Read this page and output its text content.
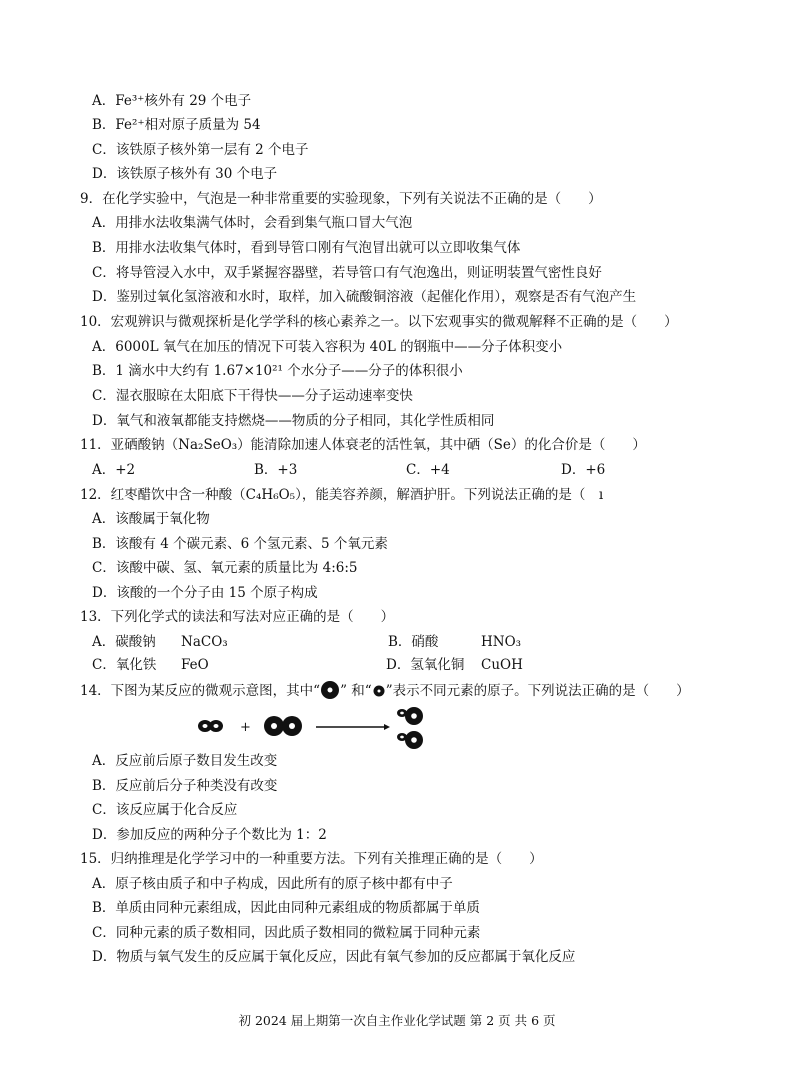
A．Fe³⁺核外有 29 个电子
B．Fe²⁺相对原子质量为 54
C．该铁原子核外第一层有 2 个电子
D．该铁原子核外有 30 个电子
9．在化学实验中，气泡是一种非常重要的实验现象，下列有关说法不正确的是（　　）
A．用排水法收集满气体时，会看到集气瓶口冒大气泡
B．用排水法收集气体时，看到导管口刚有气泡冒出就可以立即收集气体
C．将导管浸入水中，双手紧握容器壁，若导管口有气泡逸出，则证明装置气密性良好
D．鉴别过氧化氢溶液和水时，取样，加入硫酸铜溶液（起催化作用），观察是否有气泡产生
10．宏观辨识与微观探析是化学学科的核心素养之一。以下宏观事实的微观解释不正确的是（　　）
A．6000L 氧气在加压的情况下可装入容积为 40L 的钢瓶中——分子体积变小
B．1 滴水中大约有 1.67×10²¹ 个水分子——分子的体积很小
C．湿衣服晾在太阳底下干得快——分子运动速率变快
D．氧气和液氧都能支持燃烧——物质的分子相同，其化学性质相同
11．亚硒酸钠（Na₂SeO₃）能清除加速人体衰老的活性氧，其中硒（Se）的化合价是（　　）
A．+2	B．+3	C．+4	D．+6
12．红枣醋饮中含一种酸（C₄H₆O₅），能美容养颜，解酒护肝。下列说法正确的是（　ı
A．该酸属于氧化物
B．该酸有 4 个碳元素、6 个氢元素、5 个氧元素
C．该酸中碳、氢、氧元素的质量比为 4:6:5
D．该酸的一个分子由 15 个原子构成
13．下列化学式的读法和写法对应正确的是（　　）
A．碳酸钠 NaCO₃	B．硝酸	HNO₃
C．氧化铁 FeO	D．氢氧化铜 CuOH
14．下图为某反应的微观示意图，其中“ ” 和“ ”表示不同元素的原子。下列说法正确的是（　　）
+
A．反应前后原子数目发生改变
B．反应前后分子种类没有改变
C．该反应属于化合反应
D．参加反应的两种分子个数比为 1：2
15．归纳推理是化学学习中的一种重要方法。下列有关推理正确的是（　　）
A．原子核由质子和中子构成，因此所有的原子核中都有中子
B．单质由同种元素组成，因此由同种元素组成的物质都属于单质
C．同种元素的质子数相同，因此质子数相同的微粒属于同种元素
D．物质与氧气发生的反应属于氧化反应，因此有氧气参加的反应都属于氧化反应
初 2024 届上期第一次自主作业化学试题 第 2 页 共 6 页
